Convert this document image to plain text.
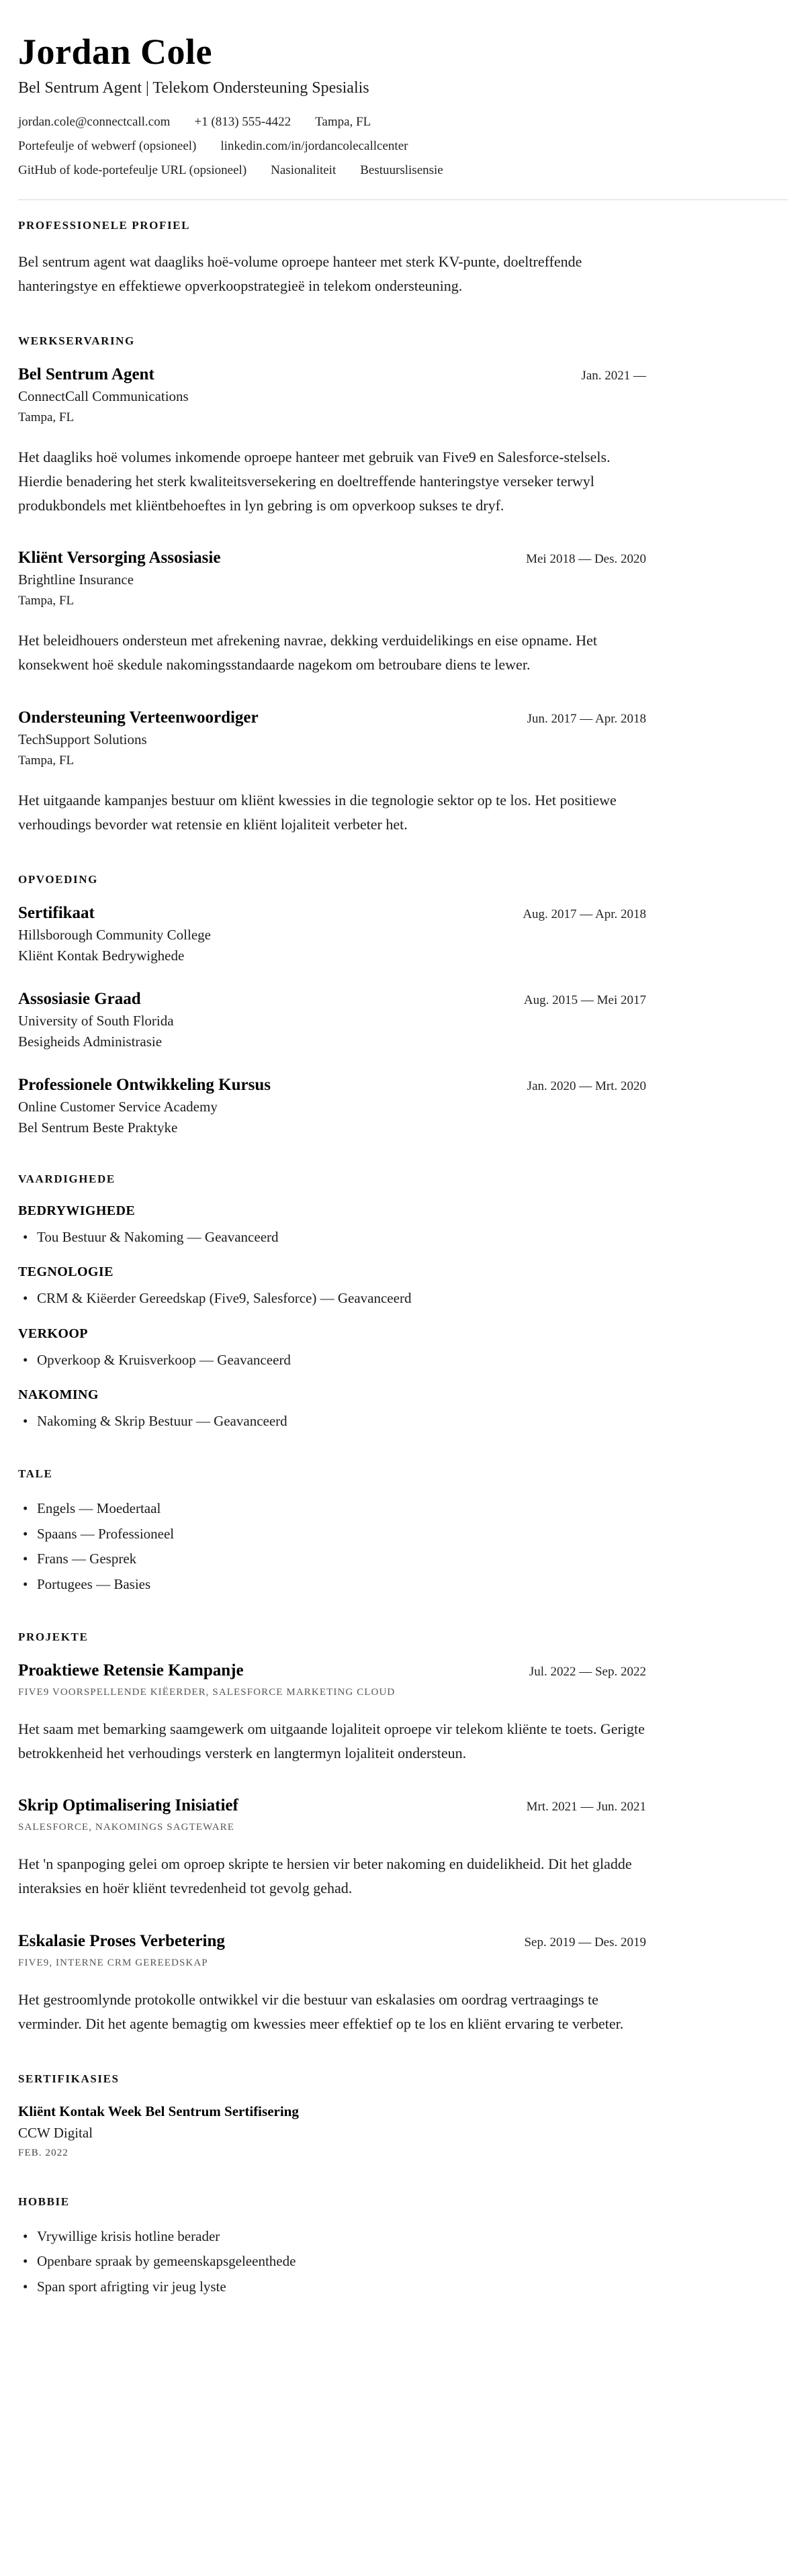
Jordan Cole
Bel Sentrum Agent | Telekom Ondersteuning Spesialis
jordan.cole@connectcall.com +1 (813) 555-4422 Tampa, FL
Portefeulje of webwerf (opsioneel) linkedin.com/in/jordancolecallcenter
GitHub of kode-portefeulje URL (opsioneel) Nasionaliteit Bestuurslisensie
PROFESSIONELE PROFIEL

Bel sentrum agent wat daagliks hoë-volume oproepe hanteer met sterk KV-punte, doeltreffende hanteringstye en effektiewe opverkoopstrategieë in telekom ondersteuning.

WERKSERVARING
Bel Sentrum Agent	Jan. 2021 —
ConnectCall Communications
Tampa, FL

Het daagliks hoë volumes inkomende oproepe hanteer met gebruik van Five9 en Salesforce-stelsels. Hierdie benadering het sterk kwaliteitsversekering en doeltreffende hanteringstye verseker terwyl produkbondels met kliëntbehoeftes in lyn gebring is om opverkoop sukses te dryf.

Kliënt Versorging Assosiasie	Mei 2018 — Des. 2020
Brightline Insurance
Tampa, FL

Het beleidhouers ondersteun met afrekening navrae, dekking verduidelikings en eise opname. Het konsekwent hoë skedule nakomingsstandaarde nagekom om betroubare diens te lewer.

Ondersteuning Verteenwoordiger	Jun. 2017 — Apr. 2018
TechSupport Solutions
Tampa, FL

Het uitgaande kampanjes bestuur om kliënt kwessies in die tegnologie sektor op te los. Het positiewe verhoudings bevorder wat retensie en kliënt lojaliteit verbeter het.

OPVOEDING
Sertifikaat	Aug. 2017 — Apr. 2018
Hillsborough Community College
Kliënt Kontak Bedrywighede
Assosiasie Graad	Aug. 2015 — Mei 2017
University of South Florida
Besigheids Administrasie
Professionele Ontwikkeling Kursus	Jan. 2020 — Mrt. 2020
Online Customer Service Academy
Bel Sentrum Beste Praktyke
VAARDIGHEDE
BEDRYWIGHEDE
• Tou Bestuur & Nakoming — Geavanceerd
TEGNOLOGIE
• CRM & Kiëerder Gereedskap (Five9, Salesforce) — Geavanceerd
VERKOOP
• Opverkoop & Kruisverkoop — Geavanceerd
NAKOMING
• Nakoming & Skrip Bestuur — Geavanceerd
TALE
• Engels — Moedertaal
• Spaans — Professioneel
• Frans — Gesprek
• Portugees — Basies
PROJEKTE
Proaktiewe Retensie Kampanje	Jul. 2022 — Sep. 2022
FIVE9 VOORSPELLENDE KIËERDER, SALESFORCE MARKETING CLOUD

Het saam met bemarking saamgewerk om uitgaande lojaliteit oproepe vir telekom kliënte te toets. Gerigte betrokkenheid het verhoudings versterk en langtermyn lojaliteit ondersteun.

Skrip Optimalisering Inisiatief	Mrt. 2021 — Jun. 2021
SALESFORCE, NAKOMINGS SAGTEWARE

Het 'n spanpoging gelei om oproep skripte te hersien vir beter nakoming en duidelikheid. Dit het gladde interaksies en hoër kliënt tevredenheid tot gevolg gehad.

Eskalasie Proses Verbetering	Sep. 2019 — Des. 2019
FIVE9, INTERNE CRM GEREEDSKAP

Het gestroomlynde protokolle ontwikkel vir die bestuur van eskalasies om oordrag vertraagings te verminder. Dit het agente bemagtig om kwessies meer effektief op te los en kliënt ervaring te verbeter.

SERTIFIKASIES
Kliënt Kontak Week Bel Sentrum Sertifisering
CCW Digital
FEB. 2022
HOBBIE
• Vrywillige krisis hotline berader
• Openbare spraak by gemeenskapsgeleenthede
• Span sport afrigting vir jeug lyste
